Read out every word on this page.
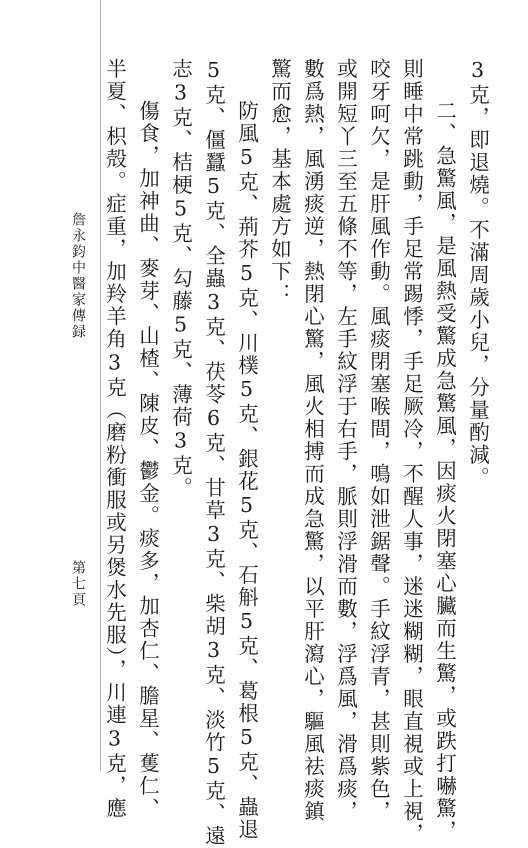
3克，即退燒。不滿周歲小兒，分量酌減。
二、急驚風，是風熱受驚成急驚風，因痰火閉塞心臟而生驚，或跌打嚇驚，
則睡中常跳動，手足常踢悸，手足厥冷，不醒人事，迷迷糊糊，眼直視或上視，
咬牙呵欠，是肝風作動。風痰閉塞喉間，鳴如泄鋸聲。手紋浮青，甚則紫色，
或開短丫三至五條不等，左手紋浮于右手，脈則浮滑而數，浮爲風，滑爲痰，
數爲熱，風湧痰逆，熱閉心驚，風火相搏而成急驚，以平肝瀉心，驅風祛痰鎮
驚而愈，基本處方如下：
防風5克、荊芥5克、川樸5克、銀花5克、石斛5克、葛根5克、蟲退
5克、僵蠶5克、全蟲3克、茯苓6克、甘草3克、柴胡3克、淡竹5克、遠
志3克、桔梗5克、勾藤5克、薄荷3克。
傷食，加神曲、麥芽、山楂、陳皮、鬱金。痰多，加杏仁、膽星、蒦仁、
半夏、枳殻。症重，加羚羊角3克（磨粉衝服或另煲水先服），川連3克，應
詹永鈞中醫家傳録
第七頁
